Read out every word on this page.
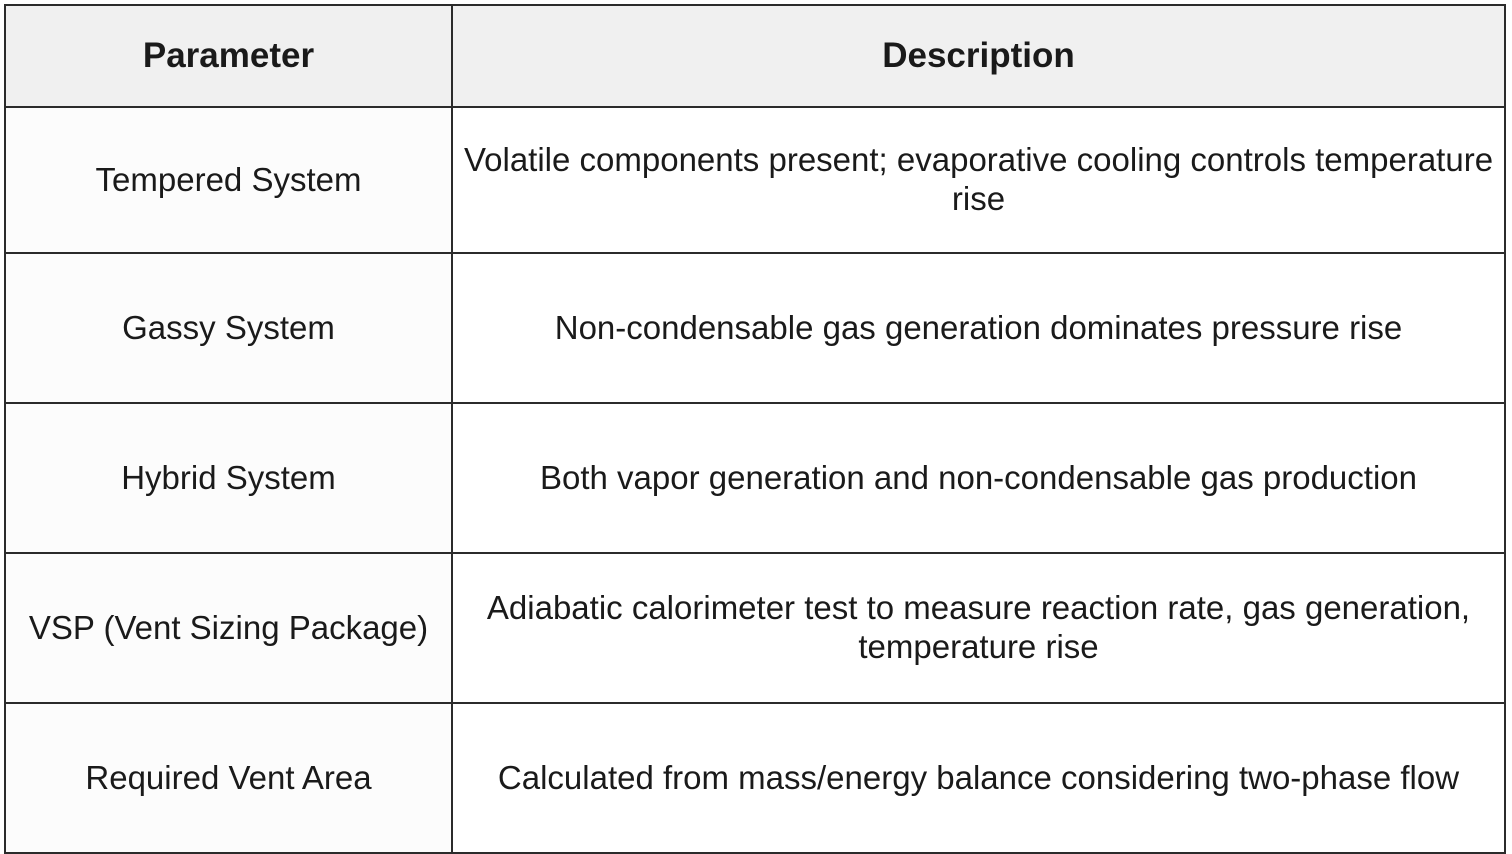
Parameter	Description
Tempered System	Volatile components present; evaporative cooling controls temperature rise
Gassy System	Non-condensable gas generation dominates pressure rise
Hybrid System	Both vapor generation and non-condensable gas production
VSP (Vent Sizing Package)	Adiabatic calorimeter test to measure reaction rate, gas generation, temperature rise
Required Vent Area	Calculated from mass/energy balance considering two-phase flow
